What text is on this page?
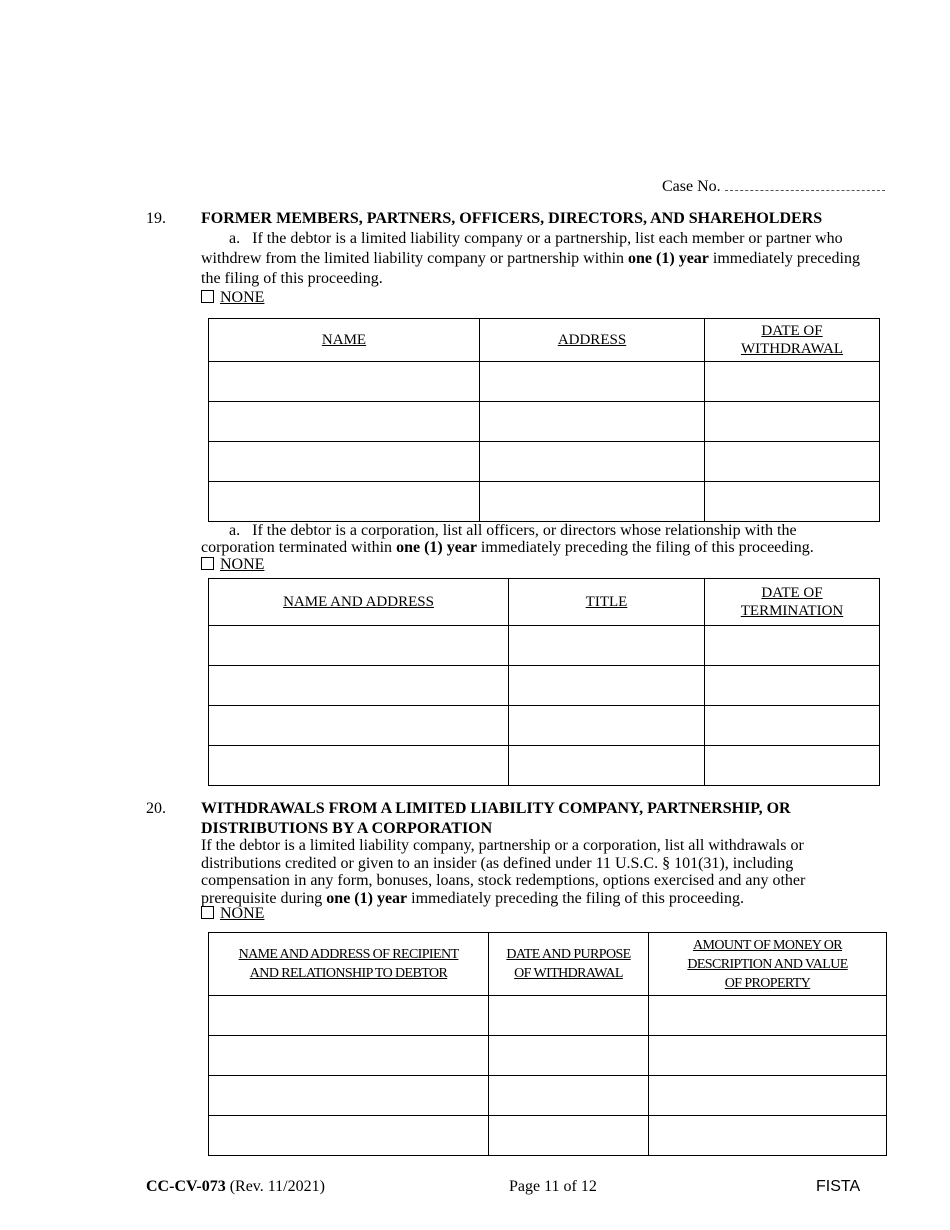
Case No.
19. FORMER MEMBERS, PARTNERS, OFFICERS, DIRECTORS, AND SHAREHOLDERS
a. If the debtor is a limited liability company or a partnership, list each member or partner who
withdrew from the limited liability company or partnership within one (1) year immediately preceding
the filing of this proceeding.
NONE
NAME	ADDRESS	DATE OF
WITHDRAWAL

a. If the debtor is a corporation, list all officers, or directors whose relationship with the
corporation terminated within one (1) year immediately preceding the filing of this proceeding.
NONE
NAME AND ADDRESS	TITLE	DATE OF
TERMINATION

20. WITHDRAWALS FROM A LIMITED LIABILITY COMPANY, PARTNERSHIP, OR
DISTRIBUTIONS BY A CORPORATION
If the debtor is a limited liability company, partnership or a corporation, list all withdrawals or
distributions credited or given to an insider (as defined under 11 U.S.C. § 101(31), including
compensation in any form, bonuses, loans, stock redemptions, options exercised and any other
prerequisite during one (1) year immediately preceding the filing of this proceeding.
NONE
NAME AND ADDRESS OF RECIPIENT
AND RELATIONSHIP TO DEBTOR	DATE AND PURPOSE
OF WITHDRAWAL	AMOUNT OF MONEY OR
DESCRIPTION AND VALUE
OF PROPERTY

CC-CV-073 (Rev. 11/2021)	Page 11 of 12	FISTA
